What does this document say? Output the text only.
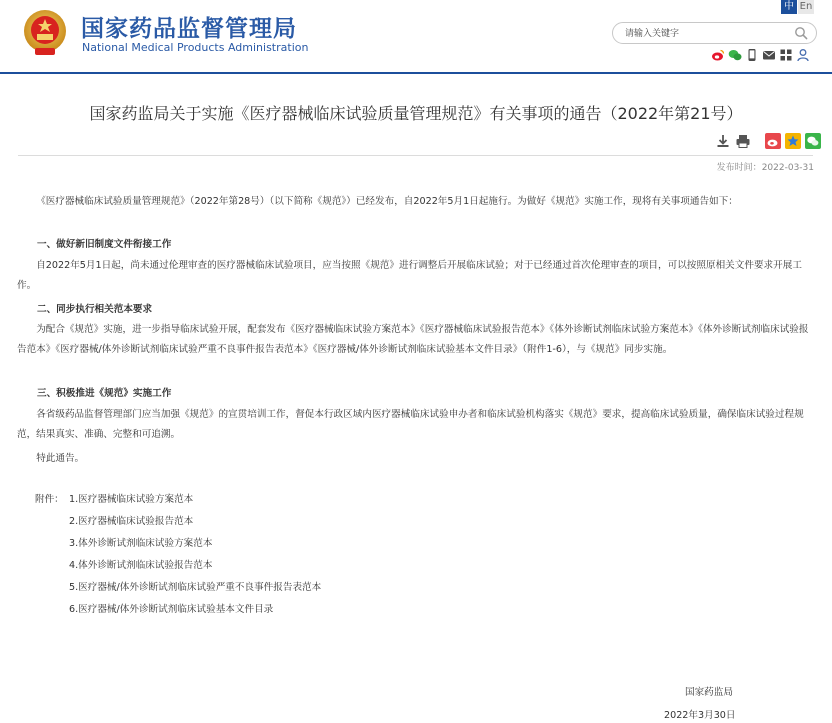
国家药品监督管理局
National Medical Products Administration
中 En
请输入关键字
国家药监局关于实施《医疗器械临床试验质量管理规范》有关事项的通告（2022年第21号）
发布时间：2022-03-31
《医疗器械临床试验质量管理规范》（2022年第28号）（以下简称《规范》）已经发布，自2022年5月1日起施行。为做好《规范》实施工作，现将有关事项通告如下：
一、做好新旧制度文件衔接工作
自2022年5月1日起，尚未通过伦理审查的医疗器械临床试验项目，应当按照《规范》进行调整后开展临床试验；对于已经通过首次伦理审查的项目，可以按照原相关文件要求开展工作。
二、同步执行相关范本要求
为配合《规范》实施，进一步指导临床试验开展，配套发布《医疗器械临床试验方案范本》《医疗器械临床试验报告范本》《体外诊断试剂临床试验方案范本》《体外诊断试剂临床试验报告范本》《医疗器械/体外诊断试剂临床试验严重不良事件报告表范本》《医疗器械/体外诊断试剂临床试验基本文件目录》（附件1-6），与《规范》同步实施。
三、积极推进《规范》实施工作
各省级药品监督管理部门应当加强《规范》的宣贯培训工作，督促本行政区域内医疗器械临床试验申办者和临床试验机构落实《规范》要求，提高临床试验质量，确保临床试验过程规范，结果真实、准确、完整和可追溯。
特此通告。
附件： 1.医疗器械临床试验方案范本
2.医疗器械临床试验报告范本
3.体外诊断试剂临床试验方案范本
4.体外诊断试剂临床试验报告范本
5.医疗器械/体外诊断试剂临床试验严重不良事件报告表范本
6.医疗器械/体外诊断试剂临床试验基本文件目录
国家药监局
2022年3月30日
